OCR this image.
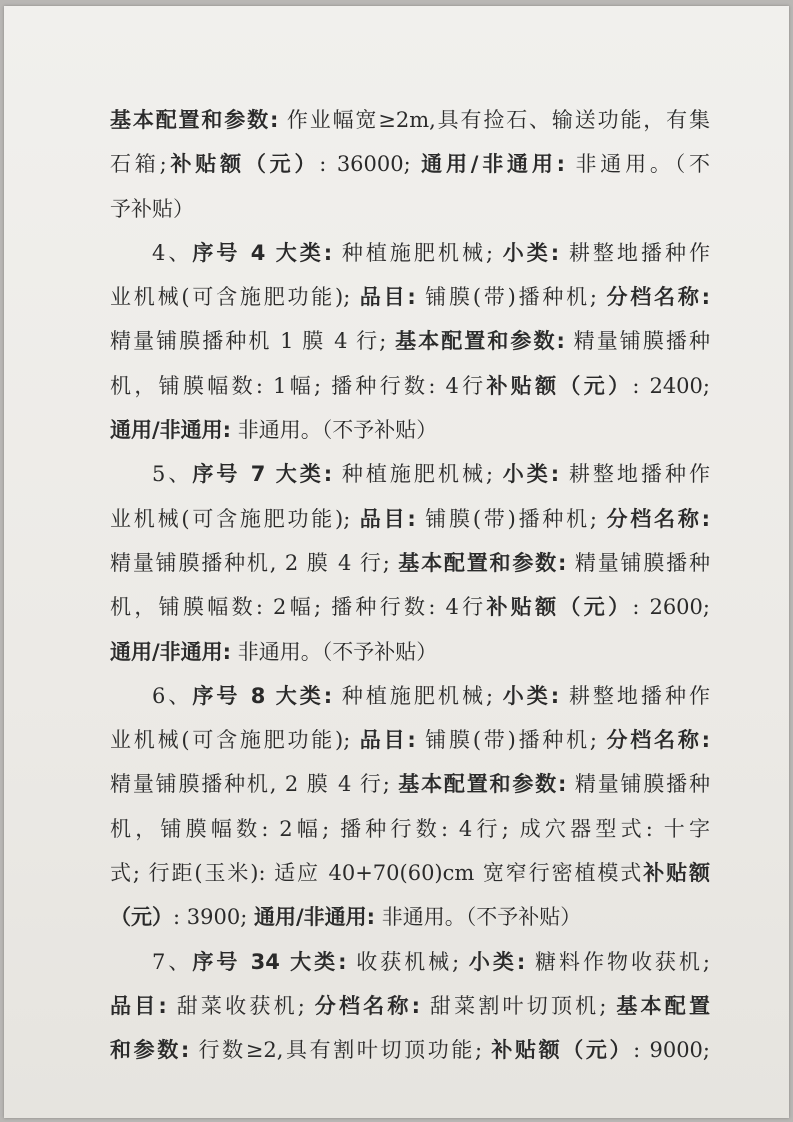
基本配置和参数: 作业幅宽≥2m,具有捡石、输送功能，有集
石箱;补贴额（元）: 36000; 通用/非通用: 非通用。（不
予补贴）
4、序号 4 大类: 种植施肥机械; 小类: 耕整地播种作
业机械(可含施肥功能); 品目: 铺膜(带)播种机; 分档名称:
精量铺膜播种机 1 膜 4 行; 基本配置和参数: 精量铺膜播种
机，铺膜幅数: 1幅; 播种行数: 4行补贴额（元）: 2400;
通用/非通用: 非通用。（不予补贴）
5、序号 7 大类: 种植施肥机械; 小类: 耕整地播种作
业机械(可含施肥功能); 品目: 铺膜(带)播种机; 分档名称:
精量铺膜播种机, 2 膜 4 行; 基本配置和参数: 精量铺膜播种
机，铺膜幅数: 2幅; 播种行数: 4行补贴额（元）: 2600;
通用/非通用: 非通用。（不予补贴）
6、序号 8 大类: 种植施肥机械; 小类: 耕整地播种作
业机械(可含施肥功能); 品目: 铺膜(带)播种机; 分档名称:
精量铺膜播种机, 2 膜 4 行; 基本配置和参数: 精量铺膜播种
机，铺膜幅数: 2幅; 播种行数: 4行; 成穴器型式: 十字
式; 行距(玉米): 适应 40+70(60)cm 宽窄行密植模式补贴额
（元）: 3900; 通用/非通用: 非通用。（不予补贴）
7、序号 34 大类: 收获机械; 小类: 糖料作物收获机;
品目: 甜菜收获机; 分档名称: 甜菜割叶切顶机; 基本配置
和参数: 行数≥2,具有割叶切顶功能; 补贴额（元）: 9000;
